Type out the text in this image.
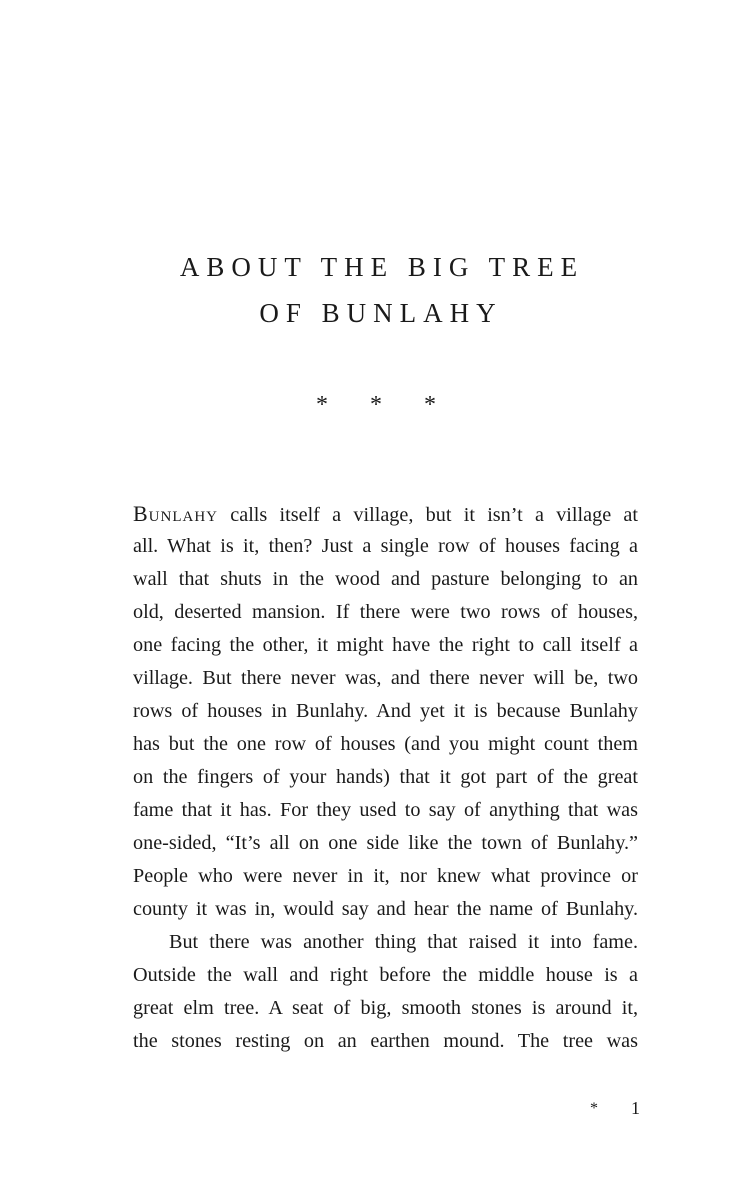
ABOUT THE BIG TREE
OF BUNLAHY
* * *
Bunlahy calls itself a village, but it isn’t a village at
all. What is it, then? Just a single row of houses facing a
wall that shuts in the wood and pasture belonging to an
old, deserted mansion. If there were two rows of houses,
one facing the other, it might have the right to call itself a
village. But there never was, and there never will be, two
rows of houses in Bunlahy. And yet it is because Bunlahy
has but the one row of houses (and you might count them
on the fingers of your hands) that it got part of the great
fame that it has. For they used to say of anything that was
one-sided, “It’s all on one side like the town of Bunlahy.”
People who were never in it, nor knew what province or
county it was in, would say and hear the name of Bunlahy.
But there was another thing that raised it into fame.
Outside the wall and right before the middle house is a
great elm tree. A seat of big, smooth stones is around it,
the stones resting on an earthen mound. The tree was
* 1
